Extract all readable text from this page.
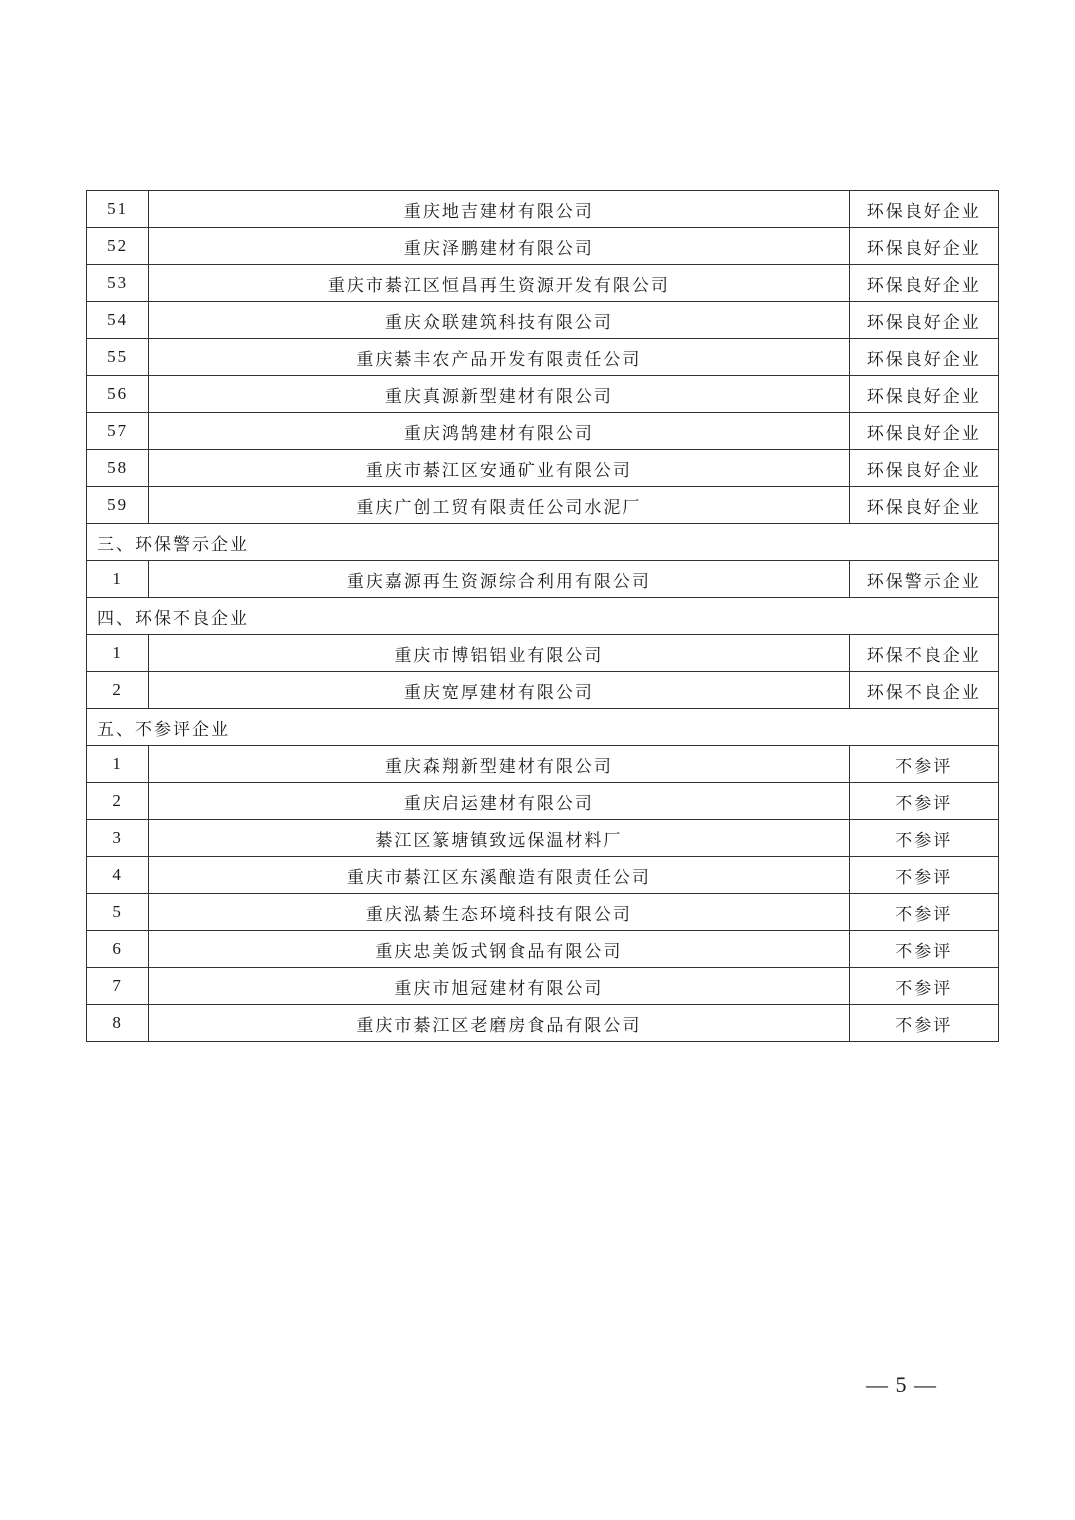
51	重庆地吉建材有限公司	环保良好企业
52	重庆泽鹏建材有限公司	环保良好企业
53	重庆市綦江区恒昌再生资源开发有限公司	环保良好企业
54	重庆众联建筑科技有限公司	环保良好企业
55	重庆綦丰农产品开发有限责任公司	环保良好企业
56	重庆真源新型建材有限公司	环保良好企业
57	重庆鸿鹄建材有限公司	环保良好企业
58	重庆市綦江区安通矿业有限公司	环保良好企业
59	重庆广创工贸有限责任公司水泥厂	环保良好企业
三、环保警示企业		
1	重庆嘉源再生资源综合利用有限公司	环保警示企业
四、环保不良企业		
1	重庆市博铝铝业有限公司	环保不良企业
2	重庆宽厚建材有限公司	环保不良企业
五、不参评企业		
1	重庆森翔新型建材有限公司	不参评
2	重庆启运建材有限公司	不参评
3	綦江区篆塘镇致远保温材料厂	不参评
4	重庆市綦江区东溪酿造有限责任公司	不参评
5	重庆泓綦生态环境科技有限公司	不参评
6	重庆忠美饭式钢食品有限公司	不参评
7	重庆市旭冠建材有限公司	不参评
8	重庆市綦江区老磨房食品有限公司	不参评
— 5 —
